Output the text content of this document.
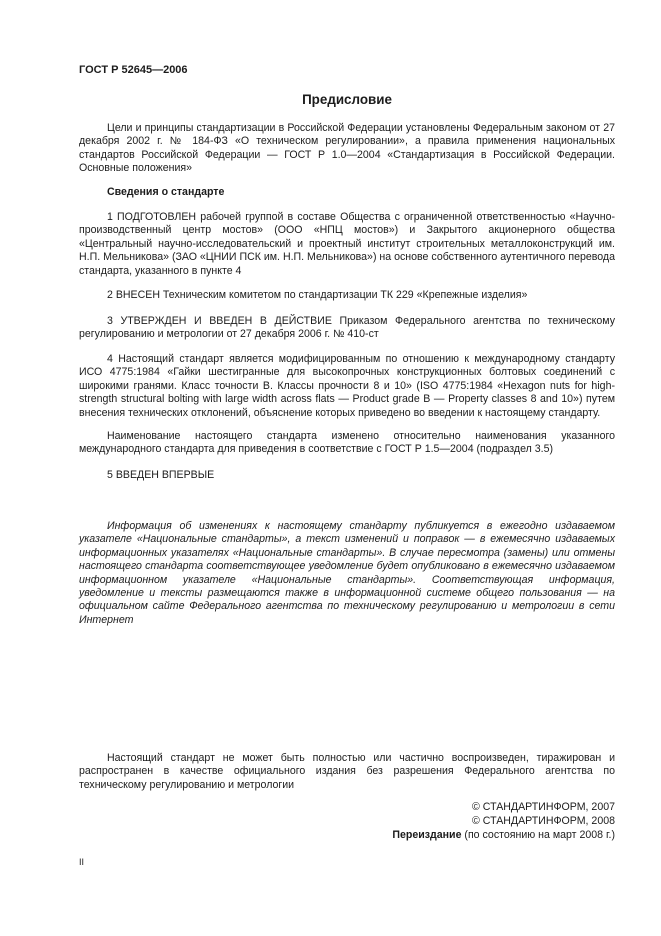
ГОСТ Р 52645—2006
Предисловие

Цели и принципы стандартизации в Российской Федерации установлены Федеральным законом от 27 декабря 2002 г. № 184-ФЗ «О техническом регулировании», а правила применения национальных стандартов Российской Федерации — ГОСТ Р 1.0—2004 «Стандартизация в Российской Федерации. Основные положения»

Сведения о стандарте

1 ПОДГОТОВЛЕН рабочей группой в составе Общества с ограниченной ответственностью «Научно-производственный центр мостов» (ООО «НПЦ мостов») и Закрытого акционерного общества «Центральный научно-исследовательский и проектный институт строительных металлоконструкций им. Н.П. Мельникова» (ЗАО «ЦНИИ ПСК им. Н.П. Мельникова») на основе собственного аутентичного перевода стандарта, указанного в пункте 4

2 ВНЕСЕН Техническим комитетом по стандартизации ТК 229 «Крепежные изделия»

3 УТВЕРЖДЕН И ВВЕДЕН В ДЕЙСТВИЕ Приказом Федерального агентства по техническому регулированию и метрологии от 27 декабря 2006 г. № 410-ст

4 Настоящий стандарт является модифицированным по отношению к международному стандарту ИСО 4775:1984 «Гайки шестигранные для высокопрочных конструкционных болтовых соединений с широкими гранями. Класс точности В. Классы прочности 8 и 10» (ISO 4775:1984 «Hexagon nuts for high-strength structural bolting with large width across flats — Product grade B — Property classes 8 and 10») путем внесения технических отклонений, объяснение которых приведено во введении к настоящему стандарту.

Наименование настоящего стандарта изменено относительно наименования указанного международного стандарта для приведения в соответствие с ГОСТ Р 1.5—2004 (подраздел 3.5)

5 ВВЕДЕН ВПЕРВЫЕ

Информация об изменениях к настоящему стандарту публикуется в ежегодно издаваемом указателе «Национальные стандарты», а текст изменений и поправок — в ежемесячно издаваемых информационных указателях «Национальные стандарты». В случае пересмотра (замены) или отмены настоящего стандарта соответствующее уведомление будет опубликовано в ежемесячно издаваемом информационном указателе «Национальные стандарты». Соответствующая информация, уведомление и тексты размещаются также в информационной системе общего пользования — на официальном сайте Федерального агентства по техническому регулированию и метрологии в сети Интернет

Настоящий стандарт не может быть полностью или частично воспроизведен, тиражирован и распространен в качестве официального издания без разрешения Федерального агентства по техническому регулированию и метрологии

© СТАНДАРТИНФОРМ, 2007
© СТАНДАРТИНФОРМ, 2008
Переиздание (по состоянию на март 2008 г.)
II
